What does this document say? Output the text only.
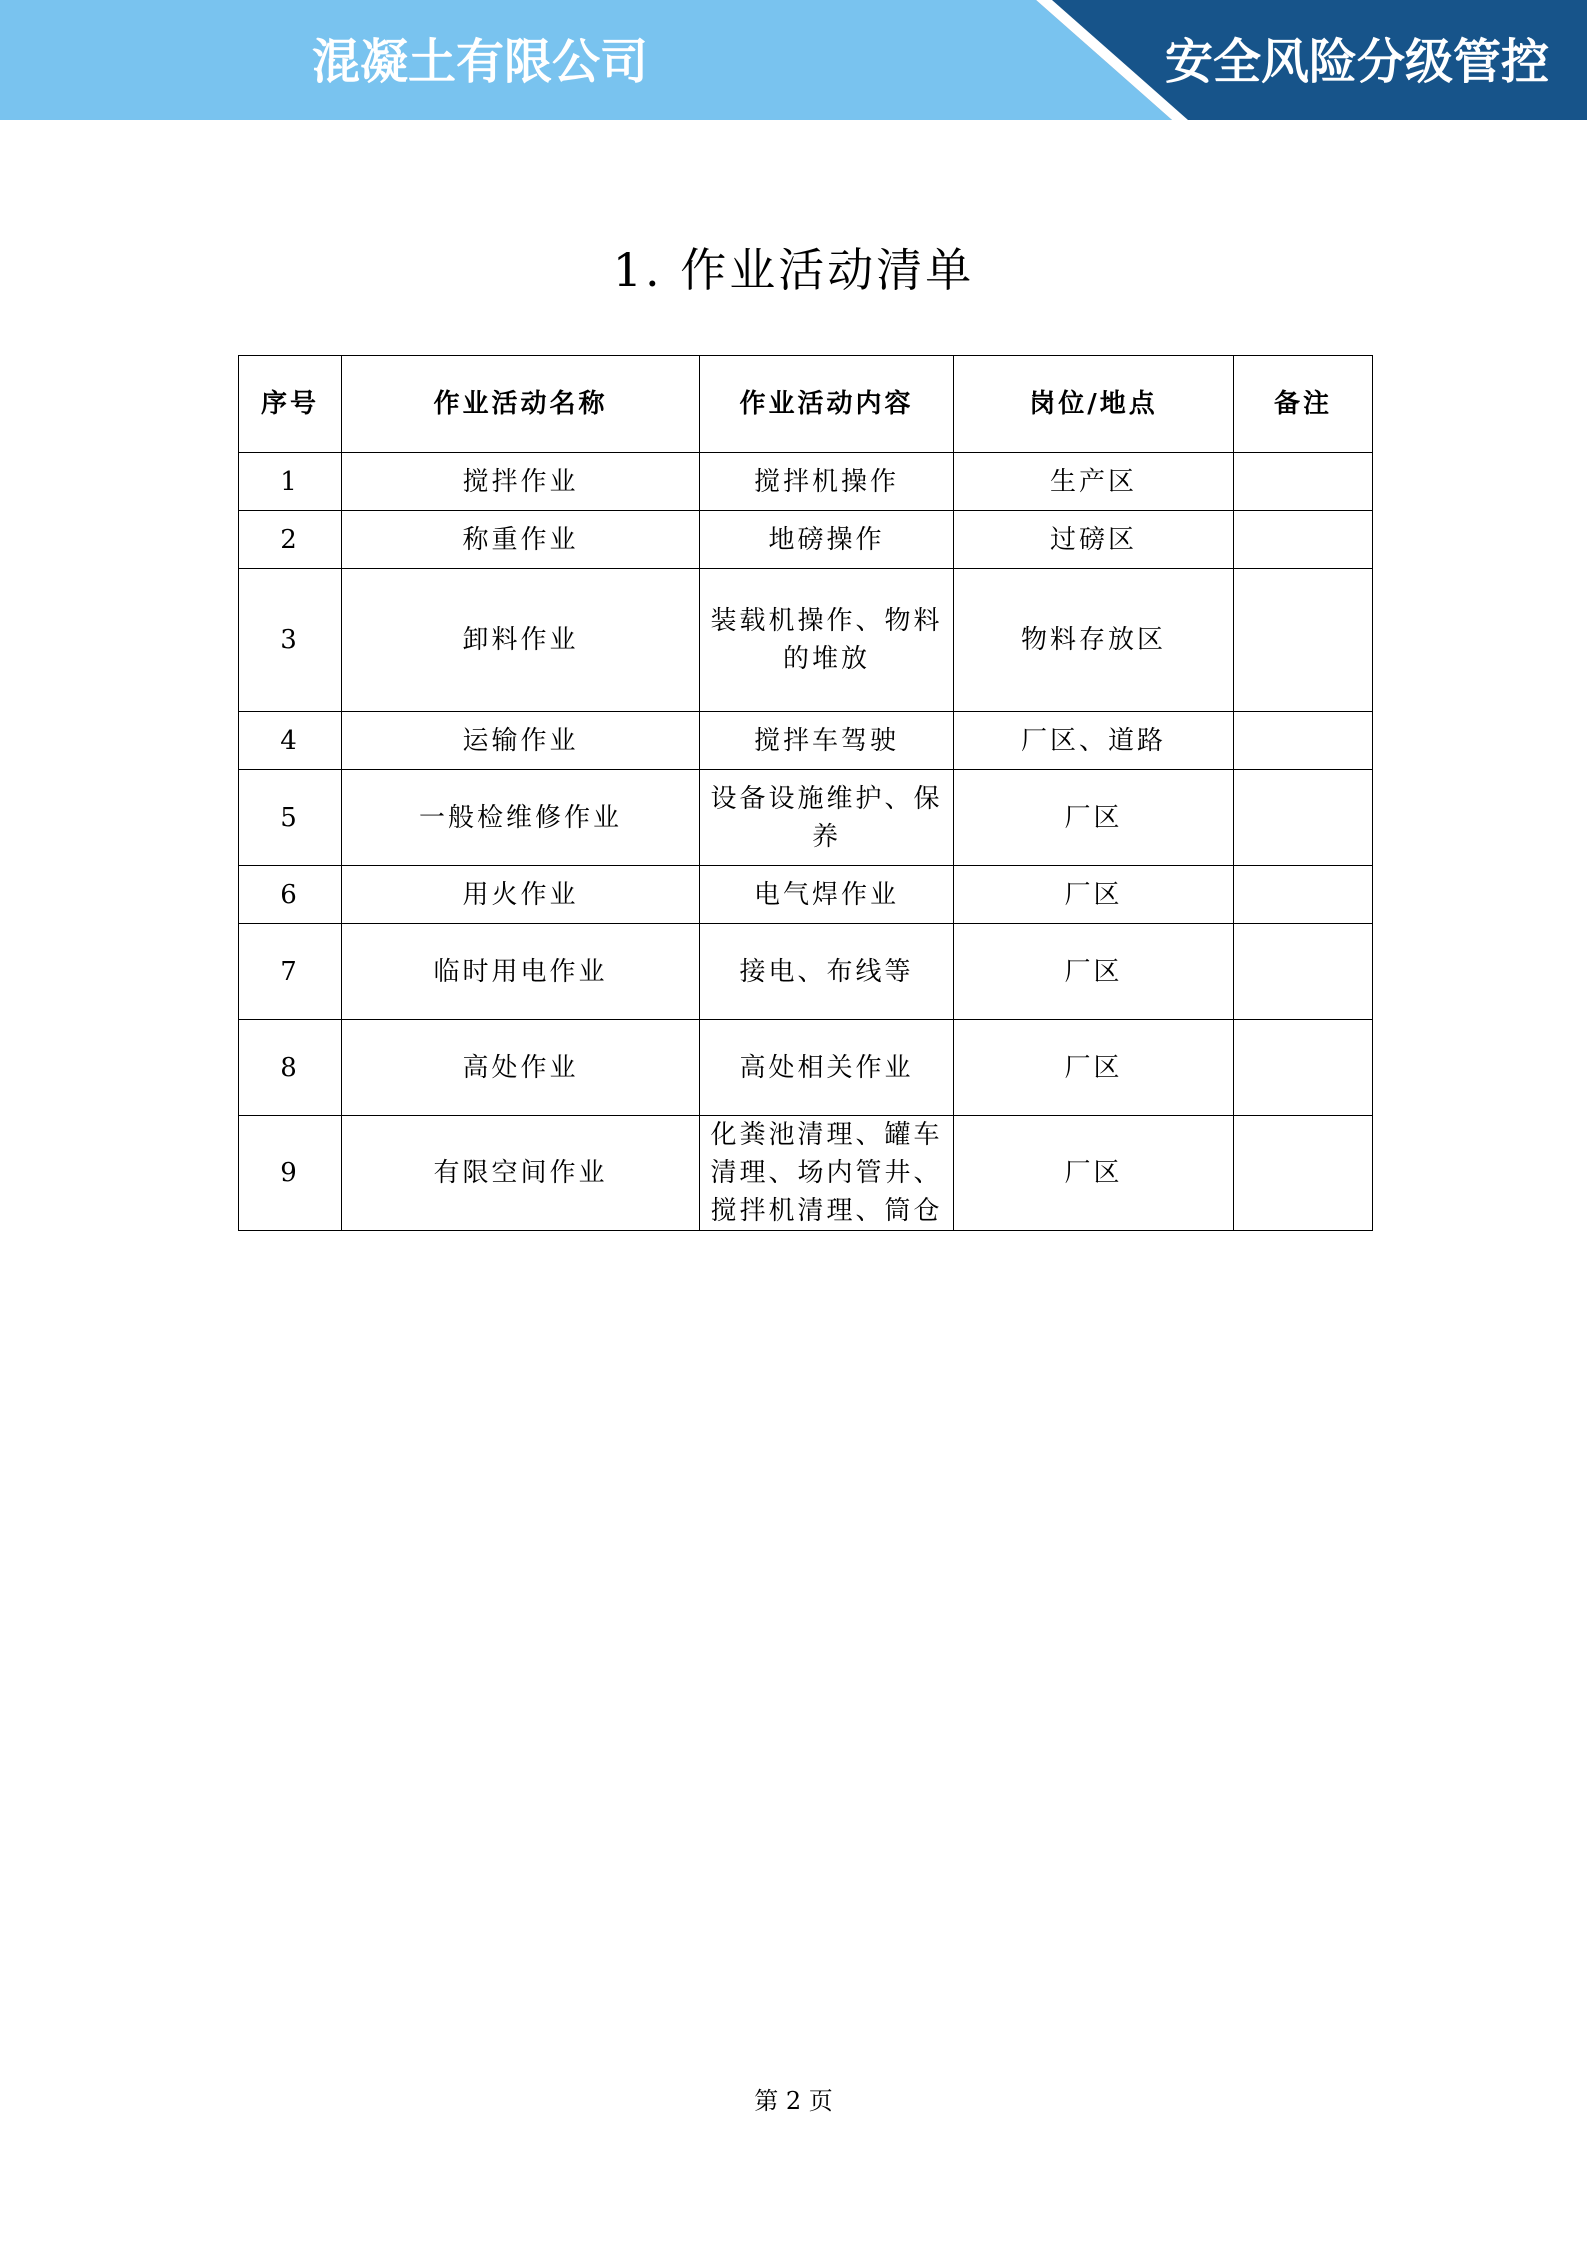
混凝土有限公司	安全风险分级管控
1. 作业活动清单
序号	作业活动名称	作业活动内容	岗位/地点	备注
1	搅拌作业	搅拌机操作	生产区	
2	称重作业	地磅操作	过磅区	
3	卸料作业	装载机操作、物料的堆放	物料存放区	
4	运输作业	搅拌车驾驶	厂区、道路	
5	一般检维修作业	设备设施维护、保养	厂区	
6	用火作业	电气焊作业	厂区	
7	临时用电作业	接电、布线等	厂区	
8	高处作业	高处相关作业	厂区	
9	有限空间作业	化粪池清理、罐车清理、场内管井、搅拌机清理、筒仓	厂区	
第 2 页
